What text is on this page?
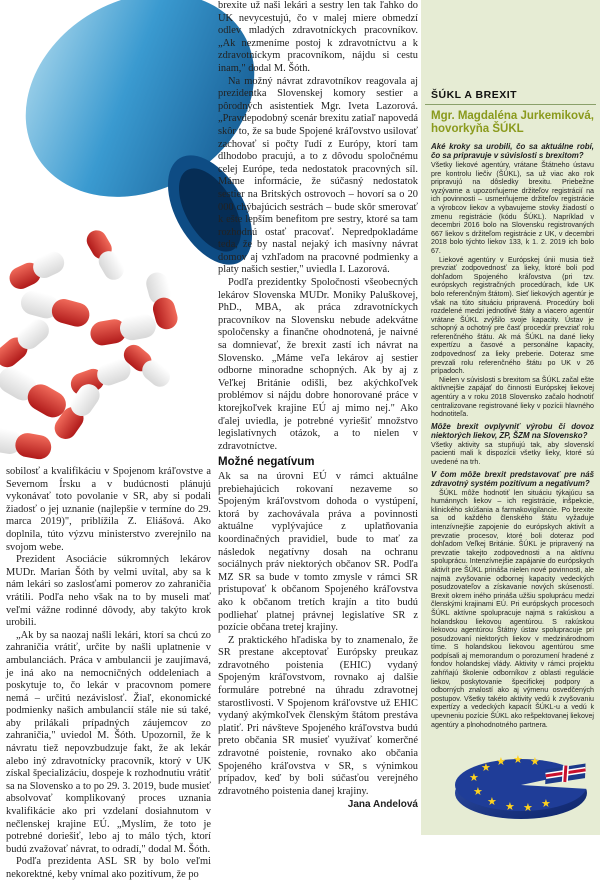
sobilosť a kvalifikáciu v Spojenom kráľovstve a Severnom Írsku a v budúcnosti plánujú vykonávať toto povolanie v SR, aby si podali žiadosť o jej uznanie (najlepšie v termíne do 29. marca 2019)", priblížila Z. Eliášová. Ako doplnila, túto výzvu ministerstvo zverejnilo na svojom webe.

Prezident Asociácie súkromných lekárov MUDr. Marian Šóth by velmi uvítal, aby sa k nám lekári so zaslosťami pomerov zo zahraničia vrátili. Podľa neho však na to by museli mať veľmi vážne rodinné dôvody, aby takýto krok urobili.

„Ak by sa naozaj našli lekári, ktorí sa chcú zo zahraničia vrátiť, určite by našli uplatnenie v ambulanciách. Práca v ambulancii je zaujímavá, je iná ako na nemocničných oddeleniach a poskytuje to, čo lekár v pracovnom pomere nemá – určitú nezávislosť. Žiaľ, ekonomické podmienky našich ambulancií stále nie sú také, aby prilákali prípadných záujemcov zo zahraničia," uviedol M. Šóth. Upozornil, že k návratu tiež nepovzbudzuje fakt, že ak lekár alebo iný zdravotnícky pracovník, ktorý v UK získal špecializáciu, dospeje k rozhodnutiu vrátiť sa na Slovensko a to po 29. 3. 2019, bude musieť absolvovať komplikovaný proces uznania kvalifikácie ako pri vzdelaní dosiahnutom v nečlenskej krajine EÚ. „Myslím, že toto je potrebné doriešiť, lebo aj to málo tých, ktorí budú zvažovať návrat, to odradí," dodal M. Šóth.

Podľa prezidenta ASL SR by bolo veľmi nekorektné, keby vnímal ako pozitívum, že po

brexite už naši lekári a sestry len tak ľahko do UK nevycestujú, čo v malej miere obmedzí odlev mladých zdravotníckych pracovníkov. „Ak nezmeníme postoj k zdravotníctvu a k zdravotníckym pracovníkom, nájdu si cestu inam," dodal M. Šóth.

Na možný návrat zdravotníkov reagovala aj prezidentka Slovenskej komory sestier a pôrodných asistentiek Mgr. Iveta Lazorová. „Pravdepodobný scenár brexitu zatiaľ napovedá skôr to, že sa bude Spojené kráľovstvo usilovať zachovať si počty ľudí z Európy, ktorí tam dlhodobo pracujú, a to z dôvodu spoločnému celej Európe, teda nedostatok pracovných síl. Máme informácie, že súčasný nedostatok sestier na Britských ostrovoch – hovorí sa o 20 000 chýbajúcich sestrách – bude skôr smerovať k ešte lepším benefitom pre sestry, ktoré sa tam rozhodnú ostať pracovať. Nepredpokladáme teda, že by nastal nejaký ich masívny návrat domov aj vzhľadom na pracovné podmienky a platy našich sestier," uviedla I. Lazorová.

Podľa prezidentky Spoločnosti všeobecných lekárov Slovenska MUDr. Moniky Paluškovej, PhD., MBA, ak práca zdravotníckych pracovníkov na Slovensku nebude adekvátne spoločensky a finančne ohodnotená, je naivné sa domnievať, že brexit zastí ich návrat na Slovensko. „Máme veľa lekárov aj sestier odborne minoradne schopných. Ak by aj z Veľkej Británie odišli, bez akýchkoľvek problémov si nájdu dobre honorované práce v ktorejkoľvek krajine EÚ aj mimo nej." Ako ďalej uviedla, je potrebné vyriešiť množstvo legislatívnych otázok, a to nielen v zdravotníctve.

Možné negatívum

Ak sa na úrovni EÚ v rámci aktuálne prebiehajúcich rokovaní nezaveme so Spojeným kráľovstvom dohoda o vystúpení, ktorá by zachovávala práva a povinnosti aktuálne vyplývajúce z uplatňovania koordinačných pravidiel, bude to mať za následok negatívny dosah na ochranu sociálnych práv niektorých občanov SR. Podľa MZ SR sa bude v tomto zmysle v rámci SR pristupovať k občanom Spojeného kráľovstva ako k občanom tretích krajín a tito budú podliehať platnej právnej legislatíve SR z pozície občana tretej krajiny.

Z praktického hľadiska by to znamenalo, že SR prestane akceptovať Európsky preukaz zdravotného poistenia (EHIC) vydaný Spojeným kráľovstvom, rovnako aj dalšie formuláre potrebné na úhradu zdravotnej starostlivosti. V Spojenom kráľovstve už EHIC vydaný akýmkoľvek členským štátom prestáva platiť. Pri návšteve Spojeného kráľovstva budú preto občania SR musieť využívať komerčné zdravotné poistenie, rovnako ako občania Spojeného kráľovstva v SR, s výnimkou prípadov, keď by boli súčasťou verejného zdravotného poistenia danej krajiny.

Jana Andelová
ŠÚKL A BREXIT
Mgr. Magdaléna Jurkemiková, hovorkyňa ŠÚKL
Aké kroky sa urobili, čo sa aktuálne robí, čo sa pripravuje v súvislosti s brexitom?

Všetky liekové agentúry, vrátane Štátneho ústavu pre kontrolu liečiv (ŠÚKL), sa už viac ako rok pripravujú na dôsledky brexitu. Priebežne vyzývame a upozorňujeme držiteľov registrácií na ich povinnosti – usmerňujeme držiteľov registrácie a výrobcov liekov a vybavujeme stovky žiadostí o zmenu registrácie (kódu ŠÚKL). Napríklad v decembri 2016 bolo na Slovensku registrovaných 667 liekov s držiteľom registrácie z UK, v decembri 2018 bolo týchto liekov 133, k 1. 2. 2019 ich bolo 67.

Liekové agentúry v Európskej únii musia tiež prevziať zodpovednosť za lieky, ktoré boli pod dohľadom Spojeného kráľovstva (pri tzv. európskych registračných procedúrach, kde UK bolo referenčným štátom). Sieť liekových agentúr je však na túto situáciu pripravená. Procedúry boli rozdelené medzi jednotlivé štáty a viacero agentúr vrátane ŠÚKL zvýšilo svoje kapacity. Ústav je schopný a ochotný pre časť procedúr prevziať rolu referenčného štátu. Ak má ŠÚKL na dané lieky expertízu a časové a personálne kapacity, zodpovednosť za lieky preberie. Doteraz sme prevzali rolu referenčného štátu po UK v 26 prípadoch.

Nielen v súvislosti s brexitom sa ŠÚKL začal ešte aktívnejšie zapájať do činnosti Európskej liekovej agentúry a v roku 2018 Slovensko začalo hodnotiť centralizovane registrované lieky v pozícii hlavného hodnotiteľa.

Môže brexit ovplyvniť výrobu či dovoz niektorých liekov, ZP, ŠZM na Slovensko?

Všetky aktivity sa stupňujú tak, aby slovenskí pacienti mali k dispozícii všetky lieky, ktoré sú uvedené na trh.

V čom môže brexit predstavovať pre náš zdravotný systém pozitívum a negatívum?

ŠÚKL môže hodnotiť len situáciu týkajúcu sa humánnych liekov – ich registrácie, inšpekcie, klinického skúšania a farmakovigilancie. Po brexite sa od každého členského štátu vyžaduje intenzívnejšie zapojenie do európskych aktivít a prevzatie procesov, ktoré boli doteraz pod dohľadom Veľkej Británie. ŠÚKL je pripravený na prevzatie takejto zodpovednosti a na aktívnu spoluprácu. Intenzívnejšie zapájanie do európskych aktivít pre ŠÚKL prináša nielen nové povinnosti, ale najmä zvyšovanie odbornej kapacity vedeckých posudzovateľov a získavanie nových skúseností. Brexit okrem iného prináša užšiu spoluprácu medzi členskými krajinami EÚ. Pri európskych procesoch ŠÚKL aktívne spolupracuje najmä s rakúskou a holandskou liekovou agentúrou. S rakúskou liekovou agentúrou Štátny ústav spolupracuje pri posudzovaní niektorých liekov v medzinárodnom tíme. S holandskou liekovou agentúrou sme podpísali aj memorandum o porozumení hradené z fondov holandskej vlády. Aktivity v rámci projektu zahŕňajú školenie odborníkov z oblasti regulácie liekov, poskytovanie špecifickej podpory a odborných znalostí ako aj výmenu osvedčených postupov. Všetky takéto aktivity vedú k zvyšovaniu expertízy a vedeckých kapacít ŠÚKL-u a vedú k upevneniu pozície ŠÚKL ako rešpektovanej liekovej agentúry a plnohodnotného partnera.

★
★ ★ ★ ★
★
★ ★ ★ ★
